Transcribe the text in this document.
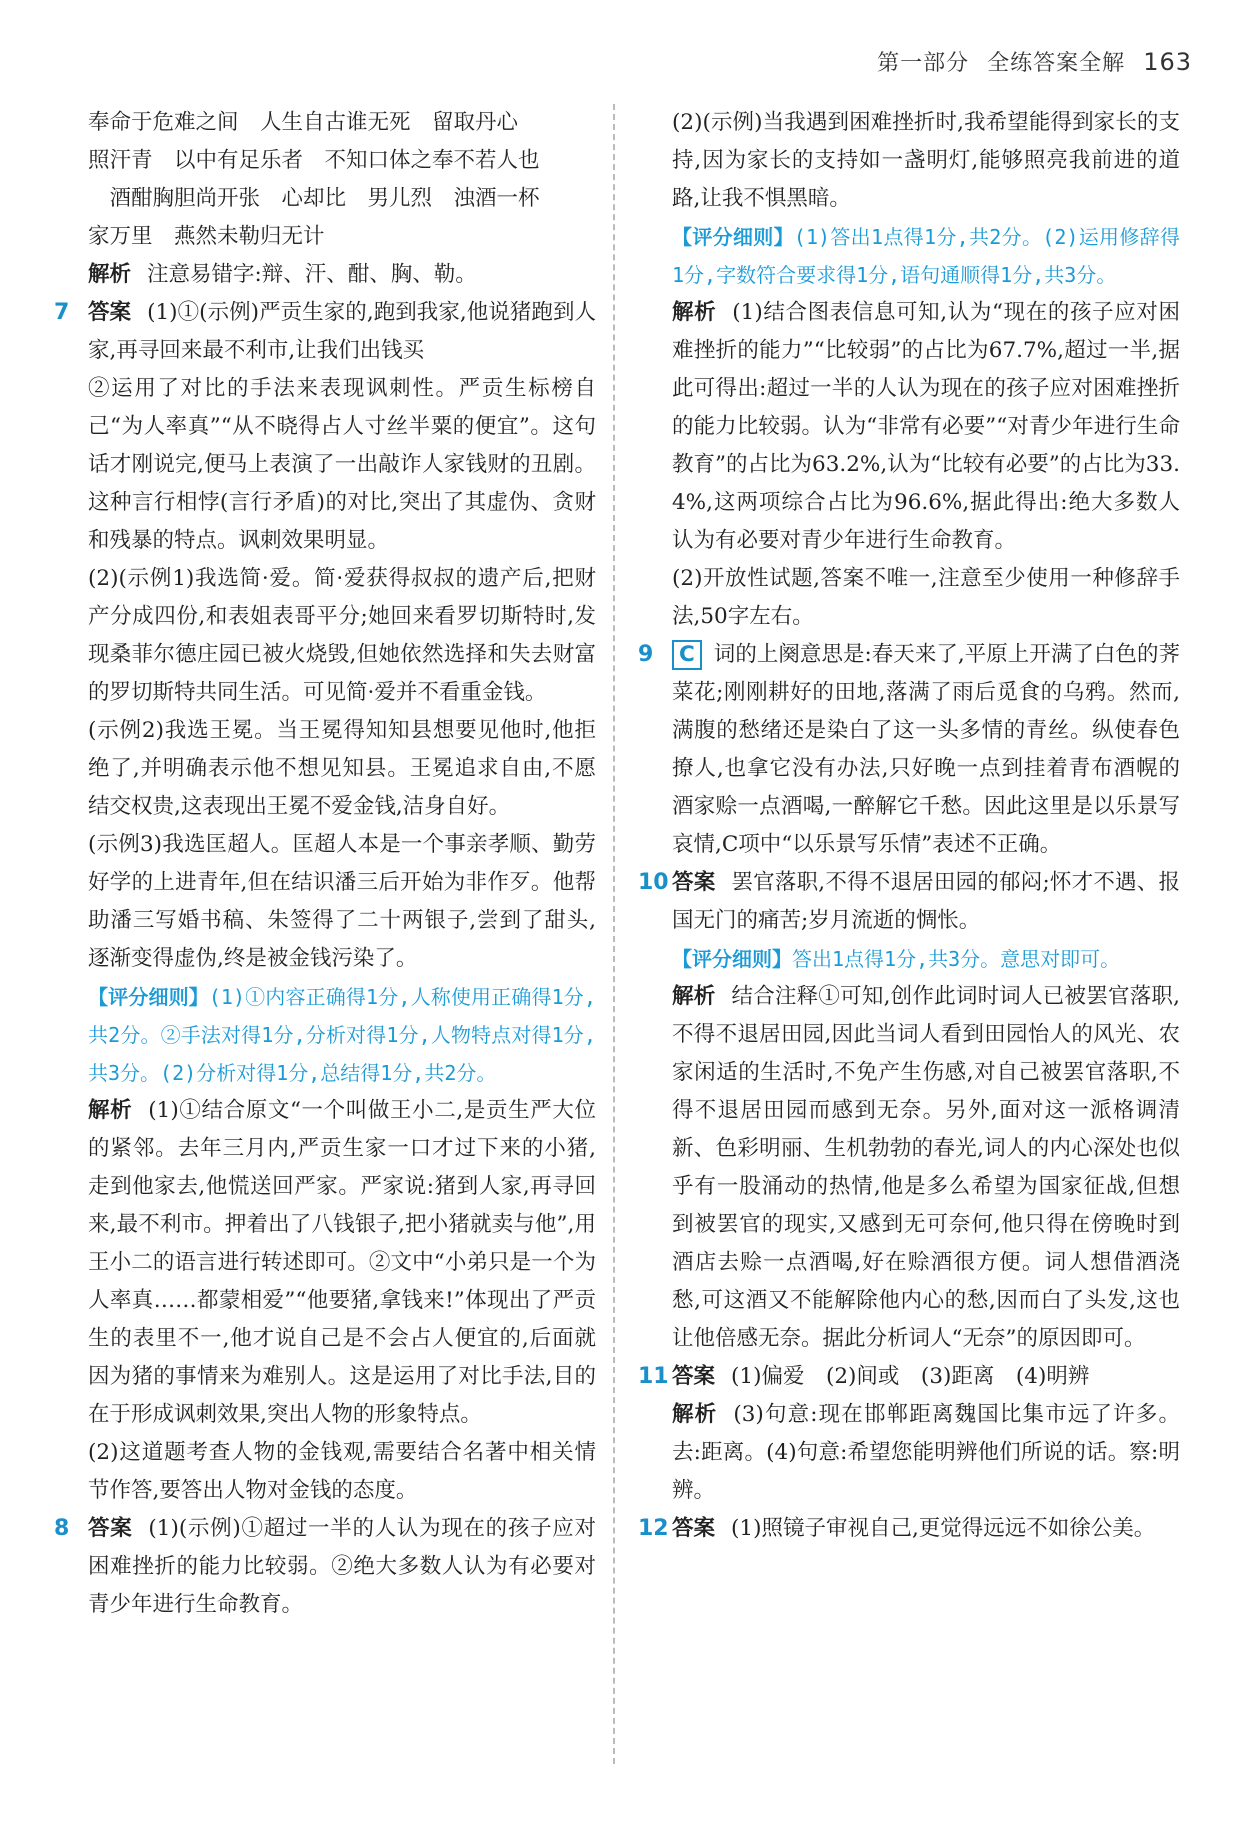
第一部分 全练答案全解 163

奉命于危难之间　人生自古谁无死　留取丹心

照汗青　以中有足乐者　不知口体之奉不若人也

　酒酣胸胆尚开张　心却比　男儿烈　浊酒一杯

家万里　燕然未勒归无计

解析 注意易错字:辩、汗、酣、胸、勒。

7 答案 (1)①(示例)严贡生家的,跑到我家,他说猪跑到人家,再寻回来最不利市,让我们出钱买

②运用了对比的手法来表现讽刺性。严贡生标榜自己“为人率真”“从不晓得占人寸丝半粟的便宜”。这句话才刚说完,便马上表演了一出敲诈人家钱财的丑剧。这种言行相悖(言行矛盾)的对比,突出了其虚伪、贪财和残暴的特点。讽刺效果明显。

(2)(示例1)我选简·爱。简·爱获得叔叔的遗产后,把财产分成四份,和表姐表哥平分;她回来看罗切斯特时,发现桑菲尔德庄园已被火烧毁,但她依然选择和失去财富的罗切斯特共同生活。可见简·爱并不看重金钱。

(示例2)我选王冕。当王冕得知知县想要见他时,他拒绝了,并明确表示他不想见知县。王冕追求自由,不愿结交权贵,这表现出王冕不爱金钱,洁身自好。

(示例3)我选匡超人。匡超人本是一个事亲孝顺、勤劳好学的上进青年,但在结识潘三后开始为非作歹。他帮助潘三写婚书稿、朱签得了二十两银子,尝到了甜头,逐渐变得虚伪,终是被金钱污染了。

【评分细则】(1)①内容正确得1分,人称使用正确得1分,共2分。②手法对得1分,分析对得1分,人物特点对得1分,共3分。(2)分析对得1分,总结得1分,共2分。

解析 (1)①结合原文“一个叫做王小二,是贡生严大位的紧邻。去年三月内,严贡生家一口才过下来的小猪,走到他家去,他慌送回严家。严家说:猪到人家,再寻回来,最不利市。押着出了八钱银子,把小猪就卖与他”,用王小二的语言进行转述即可。②文中“小弟只是一个为人率真……都蒙相爱”“他要猪,拿钱来!”体现出了严贡生的表里不一,他才说自己是不会占人便宜的,后面就因为猪的事情来为难别人。这是运用了对比手法,目的在于形成讽刺效果,突出人物的形象特点。

(2)这道题考查人物的金钱观,需要结合名著中相关情节作答,要答出人物对金钱的态度。

8 答案 (1)(示例)①超过一半的人认为现在的孩子应对困难挫折的能力比较弱。②绝大多数人认为有必要对青少年进行生命教育。

(2)(示例)当我遇到困难挫折时,我希望能得到家长的支持,因为家长的支持如一盏明灯,能够照亮我前进的道路,让我不惧黑暗。

【评分细则】(1)答出1点得1分,共2分。(2)运用修辞得1分,字数符合要求得1分,语句通顺得1分,共3分。

解析 (1)结合图表信息可知,认为“现在的孩子应对困难挫折的能力”“比较弱”的占比为67.7%,超过一半,据此可得出:超过一半的人认为现在的孩子应对困难挫折的能力比较弱。认为“非常有必要”“对青少年进行生命教育”的占比为63.2%,认为“比较有必要”的占比为33.4%,这两项综合占比为96.6%,据此得出:绝大多数人认为有必要对青少年进行生命教育。

(2)开放性试题,答案不唯一,注意至少使用一种修辞手法,50字左右。

9	C 词的上阕意思是:春天来了,平原上开满了白色的荠菜花;刚刚耕好的田地,落满了雨后觅食的乌鸦。然而,满腹的愁绪还是染白了这一头多情的青丝。纵使春色撩人,也拿它没有办法,只好晚一点到挂着青布酒幌的酒家赊一点酒喝,一醉解它千愁。因此这里是以乐景写哀情,C项中“以乐景写乐情”表述不正确。

10 答案 罢官落职,不得不退居田园的郁闷;怀才不遇、报国无门的痛苦;岁月流逝的惆怅。

【评分细则】答出1点得1分,共3分。意思对即可。

解析 结合注释①可知,创作此词时词人已被罢官落职,不得不退居田园,因此当词人看到田园怡人的风光、农家闲适的生活时,不免产生伤感,对自己被罢官落职,不得不退居田园而感到无奈。另外,面对这一派格调清新、色彩明丽、生机勃勃的春光,词人的内心深处也似乎有一股涌动的热情,他是多么希望为国家征战,但想到被罢官的现实,又感到无可奈何,他只得在傍晚时到酒店去赊一点酒喝,好在赊酒很方便。词人想借酒浇愁,可这酒又不能解除他内心的愁,因而白了头发,这也让他倍感无奈。据此分析词人“无奈”的原因即可。

11 答案 (1)偏爱　(2)间或　(3)距离　(4)明辨

解析 (3)句意:现在邯郸距离魏国比集市远了许多。去:距离。(4)句意:希望您能明辨他们所说的话。察:明辨。

12 答案 (1)照镜子审视自己,更觉得远远不如徐公美。
